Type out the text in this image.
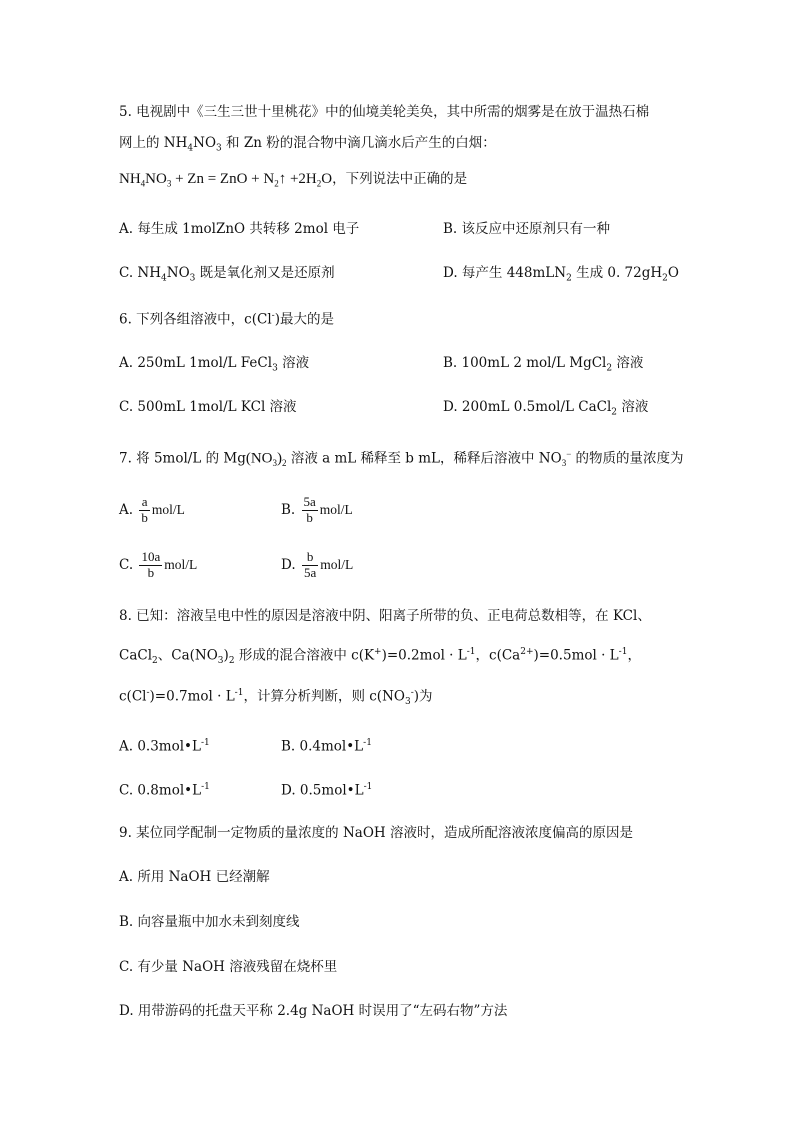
5. 电视剧中《三生三世十里桃花》中的仙境美轮美奂，其中所需的烟雾是在放于温热石棉
网上的 $NH_4NO_3$ 和 Zn 粉的混合物中滴几滴水后产生的白烟：
$NH_4NO_3 + Zn$ = ZnO + $N_2↑ +2H_2O$，下列说法中正确的是
A. 每生成 1molZnO 共转移 2mol 电子	B. 该反应中还原剂只有一种
C. $NH_4NO_3$ 既是氧化剂又是还原剂	D. 每产生 448mLN$_2$ 生成 0. $72gH_2O$
6. 下列各组溶液中，c(Cl-)最大的是
A. 250mL 1mol/L FeCl$_3$ 溶液	B. 100mL 2 mol/L MgCl$_2$ 溶液
C. 500mL 1mol/L KCl 溶液	D. 200mL 0.5mol/L CaCl$_2$ 溶液
7. 将 5mol/L 的 $Mg(NO_3)_2$ 溶液 a mL 稀释至 b mL，稀释后溶液中 $NO_3^-$ 的物质的量浓度为
A. $\frac{a}{b} mol/L$	B. $\frac{5a}{b} mol/L$
C. $\frac{10a}{b} mol/L$	D. $\frac{b}{5a} mol/L$
8. 已知：溶液呈电中性的原因是溶液中阴、阳离子所带的负、正电荷总数相等，在 KCl、
CaCl$_2$、$Ca(NO_3)_2$ 形成的混合溶液中 $c(K^+)=0.2mol \cdot L^{-1}$，$c(Ca^{2+})=0.5mol \cdot L^{-1}$，
$c(Cl^-)=0.7mol \cdot L^{-1}$，计算分析判断，则 $c(NO_3^-)$为
A. $0.3mol•L^{-1}$	B. $0.4mol•L^{-1}$
C. $0.8mol•L^{-1}$	D. $0.5mol•L^{-1}$
9. 某位同学配制一定物质的量浓度的 NaOH 溶液时，造成所配溶液浓度偏高的原因是
A. 所用 NaOH 已经潮解
B. 向容量瓶中加水未到刻度线
C. 有少量 NaOH 溶液残留在烧杯里
D. 用带游码的托盘天平称 2.4g NaOH 时误用了“左码右物”方法
